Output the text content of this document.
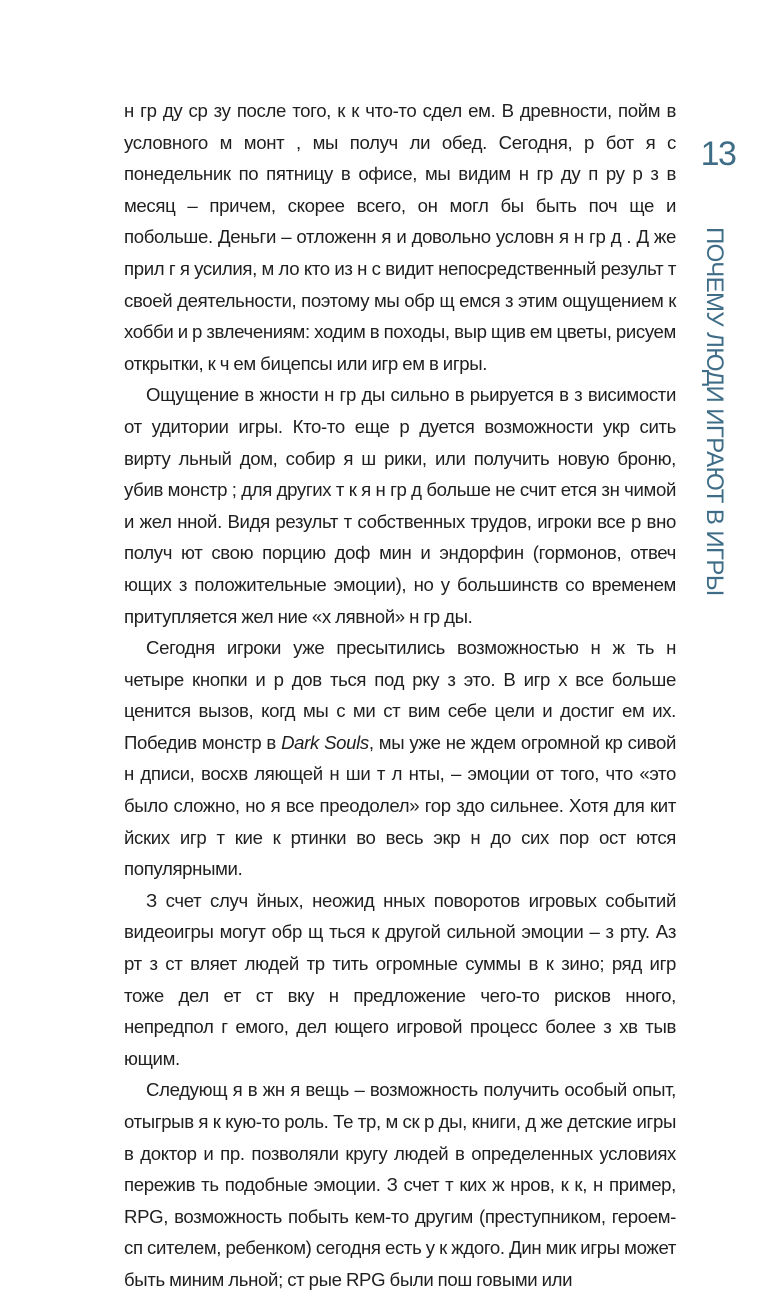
13
ПОЧЕМУ ЛЮДИ ИГРАЮТ В ИГРЫ

н гр ду ср зу после того, к к что-то сдел ем. В древности, пойм в условного м монт , мы получ ли обед. Сегодня, р бот я с понедельник по пятницу в офисе, мы видим н гр ду п ру р з в месяц – причем, скорее всего, он могл бы быть поч ще и побольше. Деньги – отложенн я и довольно условн я н гр д . Д же прил г я усилия, м ло кто из н с видит непосредственный результ т своей деятельности, поэтому мы обр щ емся з этим ощущением к хобби и р звлечениям: ходим в походы, выр щив ем цветы, рисуем открытки, к ч ем бицепсы или игр ем в игры.

Ощущение в жности н гр ды сильно в рьируется в з висимости от удитории игры. Кто-то еще р дуется возможности укр сить вирту льный дом, собир я ш рики, или получить новую броню, убив монстр ; для других т к я н гр д больше не счит ется зн чимой и жел нной. Видя результ т собственных трудов, игроки все р вно получ ют свою порцию доф мин и эндорфин (гормонов, отвеч ющих з положительные эмоции), но у большинств со временем притупляется жел ние «х лявной» н гр ды.

Сегодня игроки уже пресытились возможностью н ж ть н четыре кнопки и р дов ться под рку з это. В игр х все больше ценится вызов, когд мы с ми ст вим себе цели и достиг ем их. Победив монстр в Dark Souls, мы уже не ждем огромной кр сивой н дписи, восхв ляющей н ши т л нты, – эмоции от того, что «это было сложно, но я все преодолел» гор здо сильнее. Хотя для кит йских игр т кие к ртинки во весь экр н до сих пор ост ются популярными.

З счет случ йных, неожид нных поворотов игровых событий видеоигры могут обр щ ться к другой сильной эмоции – з рту. Аз рт з ст вляет людей тр тить огромные суммы в к зино; ряд игр тоже дел ет ст вку н предложение чего-то рисков нного, непредпол г емого, дел ющего игровой процесс более з хв тыв ющим.

Следующ я в жн я вещь – возможность получить особый опыт, отыгрыв я к кую-то роль. Те тр, м ск р ды, книги, д же детские игры в доктор и пр. позволяли кругу людей в определенных условиях пережив ть подобные эмоции. З счет т ких ж нров, к к, н пример, RPG, возможность побыть кем-то другим (преступником, героем-сп сителем, ребенком) сегодня есть у к ждого. Дин мик игры может быть миним льной; ст рые RPG были пош говыми или
